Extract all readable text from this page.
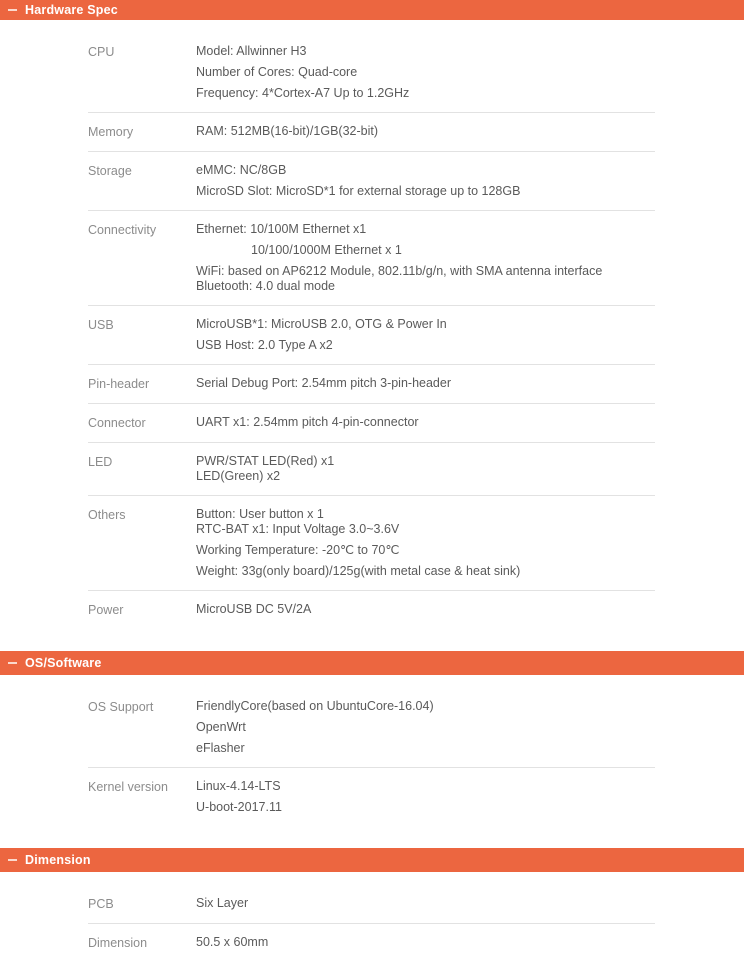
Hardware Spec
CPU	Model: Allwinner H3
Number of Cores: Quad-core
Frequency: 4*Cortex-A7 Up to 1.2GHz
Memory	RAM: 512MB(16-bit)/1GB(32-bit)
Storage	eMMC: NC/8GB
MicroSD Slot: MicroSD*1 for external storage up to 128GB
Connectivity	Ethernet: 10/100M Ethernet x1
10/100/1000M Ethernet x 1
WiFi: based on AP6212 Module, 802.11b/g/n, with SMA antenna interface
Bluetooth: 4.0 dual mode
USB	MicroUSB*1: MicroUSB 2.0, OTG & Power In
USB Host: 2.0 Type A x2
Pin-header	Serial Debug Port: 2.54mm pitch 3-pin-header
Connector	UART x1: 2.54mm pitch 4-pin-connector
LED	PWR/STAT LED(Red) x1
LED(Green) x2
Others	Button: User button x 1
RTC-BAT x1: Input Voltage 3.0~3.6V
Working Temperature: -20℃ to 70℃
Weight: 33g(only board)/125g(with metal case & heat sink)
Power	MicroUSB DC 5V/2A
OS/Software
OS Support	FriendlyCore(based on UbuntuCore-16.04)
OpenWrt
eFlasher
Kernel version	Linux-4.14-LTS
U-boot-2017.11
Dimension
PCB	Six Layer
Dimension	50.5 x 60mm
